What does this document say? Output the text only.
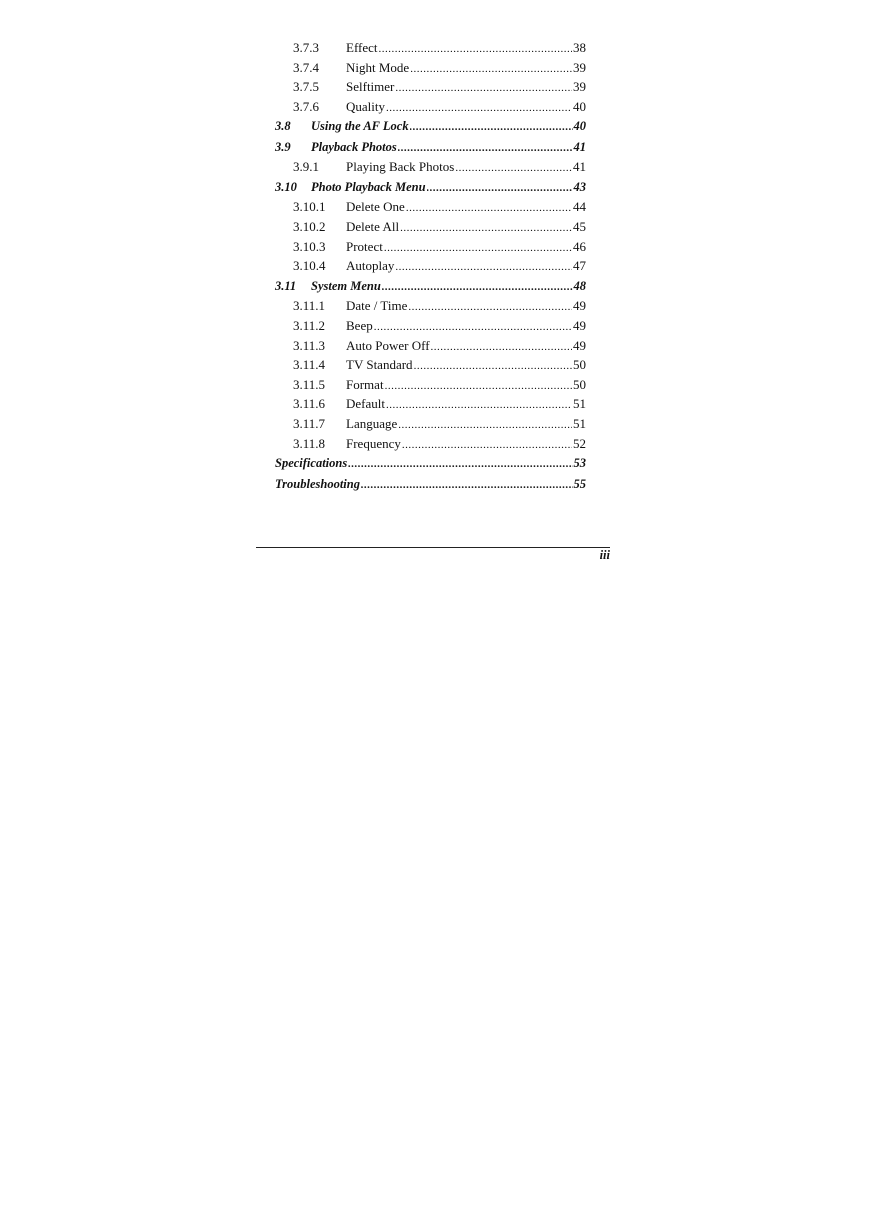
3.7.3	Effect .....	38
3.7.4	Night Mode .....	39
3.7.5	Selftimer .....	39
3.7.6	Quality .....	40
3.8	Using the AF Lock .....	40
3.9	Playback Photos .....	41
3.9.1	Playing Back Photos .....	41
3.10	Photo Playback Menu .....	43
3.10.1	Delete One .....	44
3.10.2	Delete All .....	45
3.10.3	Protect .....	46
3.10.4	Autoplay .....	47
3.11	System Menu .....	48
3.11.1	Date / Time .....	49
3.11.2	Beep .....	49
3.11.3	Auto Power Off .....	49
3.11.4	TV Standard .....	50
3.11.5	Format .....	50
3.11.6	Default .....	51
3.11.7	Language .....	51
3.11.8	Frequency .....	52
Specifications .....	53
Troubleshooting .....	55
iii
